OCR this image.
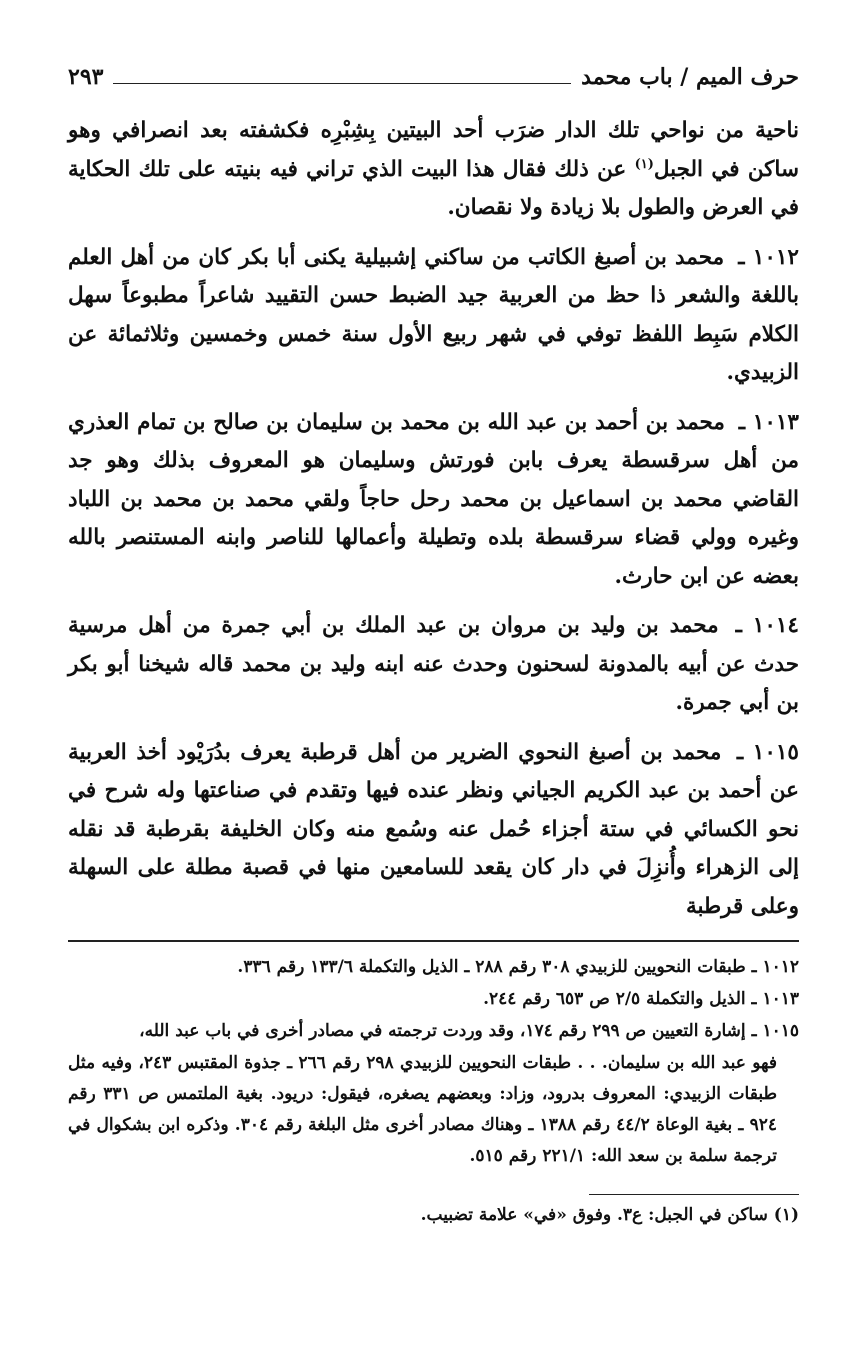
حرف الميم / باب محمد
٢٩٣

ناحية من نواحي تلك الدار ضرَب أحد البيتين بِشِبْرِه فكشفته بعد انصرافي وهو ساكن في الجبل$^{(١)}$ عن ذلك فقال هذا البيت الذي تراني فيه بنيته على تلك الحكاية في العرض والطول بلا زيادة ولا نقصان.

١٠١٢ ـ محمد بن أصبغ الكاتب من ساكني إشبيلية يكنى أبا بكر كان من أهل العلم باللغة والشعر ذا حظ من العربية جيد الضبط حسن التقييد شاعراً مطبوعاً سهل الكلام سَبِط اللفظ توفي في شهر ربيع الأول سنة خمس وخمسين وثلاثمائة عن الزبيدي.

١٠١٣ ـ محمد بن أحمد بن عبد الله بن محمد بن سليمان بن صالح بن تمام العذري من أهل سرقسطة يعرف بابن فورتش وسليمان هو المعروف بذلك وهو جد القاضي محمد بن اسماعيل بن محمد رحل حاجاً ولقي محمد بن محمد بن اللباد وغيره وولي قضاء سرقسطة بلده وتطيلة وأعمالها للناصر وابنه المستنصر بالله بعضه عن ابن حارث.

١٠١٤ ـ محمد بن وليد بن مروان بن عبد الملك بن أبي جمرة من أهل مرسية حدث عن أبيه بالمدونة لسحنون وحدث عنه ابنه وليد بن محمد قاله شيخنا أبو بكر بن أبي جمرة.

١٠١٥ ـ محمد بن أصبغ النحوي الضرير من أهل قرطبة يعرف بدُرَيْود أخذ العربية عن أحمد بن عبد الكريم الجياني ونظر عنده فيها وتقدم في صناعتها وله شرح في نحو الكسائي في ستة أجزاء حُمل عنه وسُمع منه وكان الخليفة بقرطبة قد نقله إلى الزهراء وأُنزِلَ في دار كان يقعد للسامعين منها في قصبة مطلة على السهلة وعلى قرطبة

١٠١٢ ـ طبقات النحويين للزبيدي ٣٠٨ رقم ٢٨٨ ـ الذيل والتكملة ١٣٣/٦ رقم ٣٣٦.

١٠١٣ ـ الذيل والتكملة ٢/٥ ص ٦٥٣ رقم ٢٤٤.

١٠١٥ ـ إشارة التعيين ص ٢٩٩ رقم ١٧٤، وقد وردت ترجمته في مصادر أخرى في باب عبد الله،

فهو عبد الله بن سليمان. . . طبقات النحويين للزبيدي ٢٩٨ رقم ٢٦٦ ـ جذوة المقتبس ٢٤٣، وفيه مثل طبقات الزبيدي: المعروف بدرود، وزاد: وبعضهم يصغره، فيقول: دريود. بغية الملتمس ص ٣٣١ رقم ٩٢٤ ـ بغية الوعاة ٤٤/٢ رقم ١٣٨٨ ـ وهناك مصادر أخرى مثل البلغة رقم ٣٠٤. وذكره ابن بشكوال في ترجمة سلمة بن سعد الله: ٢٢١/١ رقم ٥١٥.

(١) ساكن في الجبل: ع٣. وفوق «في» علامة تضبيب.
